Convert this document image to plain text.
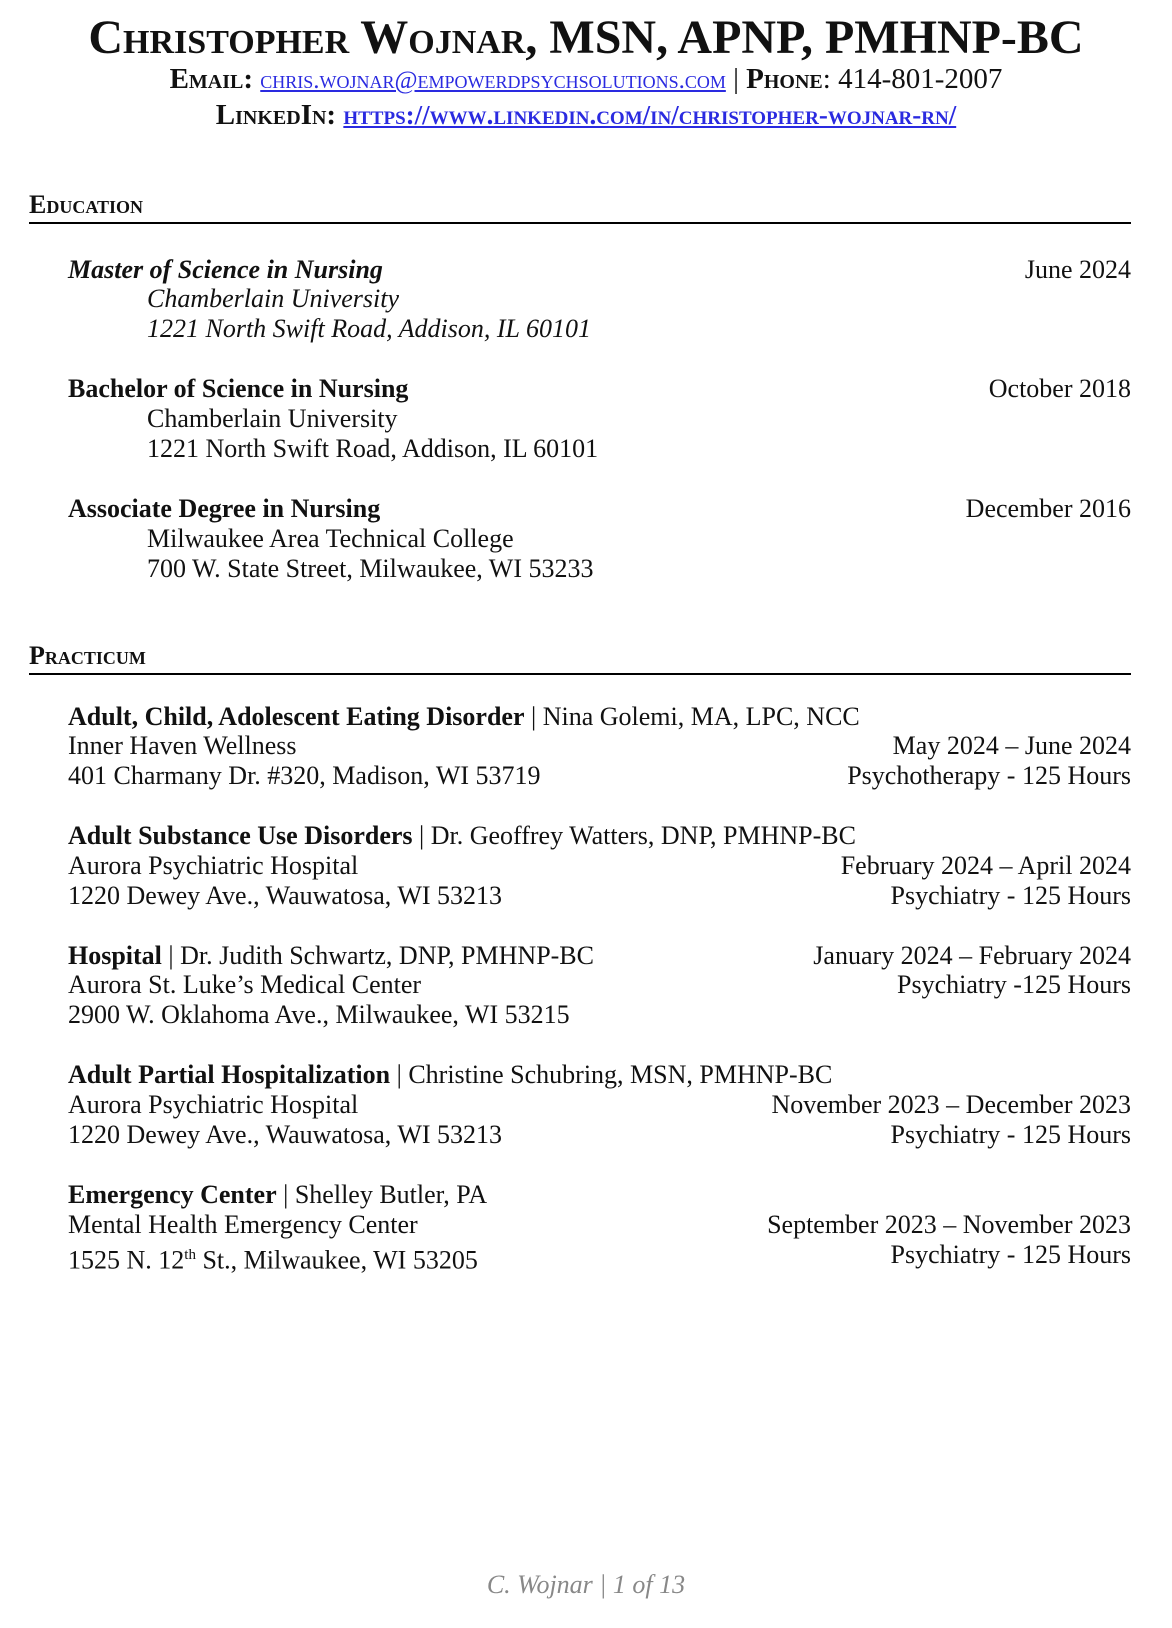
Christopher Wojnar, MSN, APNP, PMHNP-BC
Email: chris.wojnar@empowerdpsychsolutions.com | Phone: 414-801-2007
LinkedIn: https://www.linkedin.com/in/christopher-wojnar-rn/
Education
Master of Science in Nursing	June 2024
Chamberlain University
1221 North Swift Road, Addison, IL 60101
Bachelor of Science in Nursing	October 2018
Chamberlain University
1221 North Swift Road, Addison, IL 60101
Associate Degree in Nursing	December 2016
Milwaukee Area Technical College
700 W. State Street, Milwaukee, WI 53233
Practicum
Adult, Child, Adolescent Eating Disorder | Nina Golemi, MA, LPC, NCC
Inner Haven Wellness	May 2024 – June 2024
401 Charmany Dr. #320, Madison, WI 53719	Psychotherapy - 125 Hours
Adult Substance Use Disorders | Dr. Geoffrey Watters, DNP, PMHNP-BC
Aurora Psychiatric Hospital	February 2024 – April 2024
1220 Dewey Ave., Wauwatosa, WI 53213	Psychiatry - 125 Hours
Hospital | Dr. Judith Schwartz, DNP, PMHNP-BC	January 2024 – February 2024
Aurora St. Luke’s Medical Center	Psychiatry -125 Hours
2900 W. Oklahoma Ave., Milwaukee, WI 53215
Adult Partial Hospitalization | Christine Schubring, MSN, PMHNP-BC
Aurora Psychiatric Hospital	November 2023 – December 2023
1220 Dewey Ave., Wauwatosa, WI 53213	Psychiatry - 125 Hours
Emergency Center | Shelley Butler, PA
Mental Health Emergency Center	September 2023 – November 2023
1525 N. 12th St., Milwaukee, WI 53205	Psychiatry - 125 Hours
C. Wojnar | 1 of 13
